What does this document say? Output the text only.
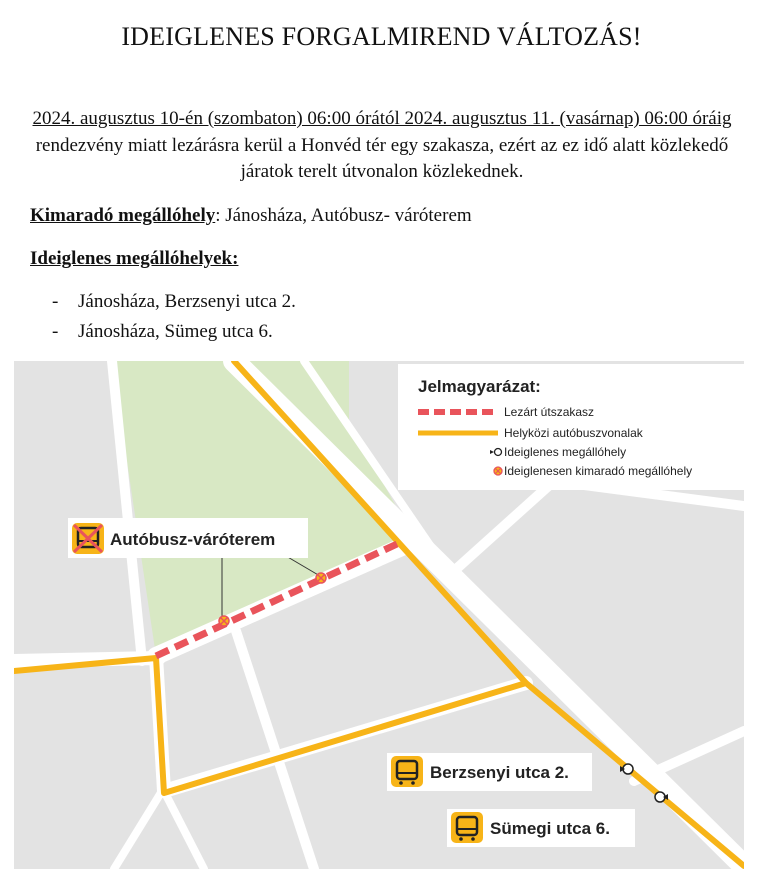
IDEIGLENES FORGALMIREND VÁLTOZÁS!
2024. augusztus 10-én (szombaton) 06:00 órától 2024. augusztus 11. (vasárnap) 06:00 óráig rendezvény miatt lezárásra kerül a Honvéd tér egy szakasza, ezért az ez idő alatt közlekedő járatok terelt útvonalon közlekednek.
Kimaradó megállóhely: Jánosháza, Autóbusz- váróterem
Ideiglenes megállóhelyek:
-	Jánosháza, Berzsenyi utca 2.
-	Jánosháza, Sümeg utca 6.
Autóbusz-váróterem
Berzsenyi utca 2.
Sümegi utca 6.
Jelmagyarázat:
Lezárt útszakasz
Helyközi autóbuszvonalak
Ideiglenes megállóhely
Ideiglenesen kimaradó megállóhely
